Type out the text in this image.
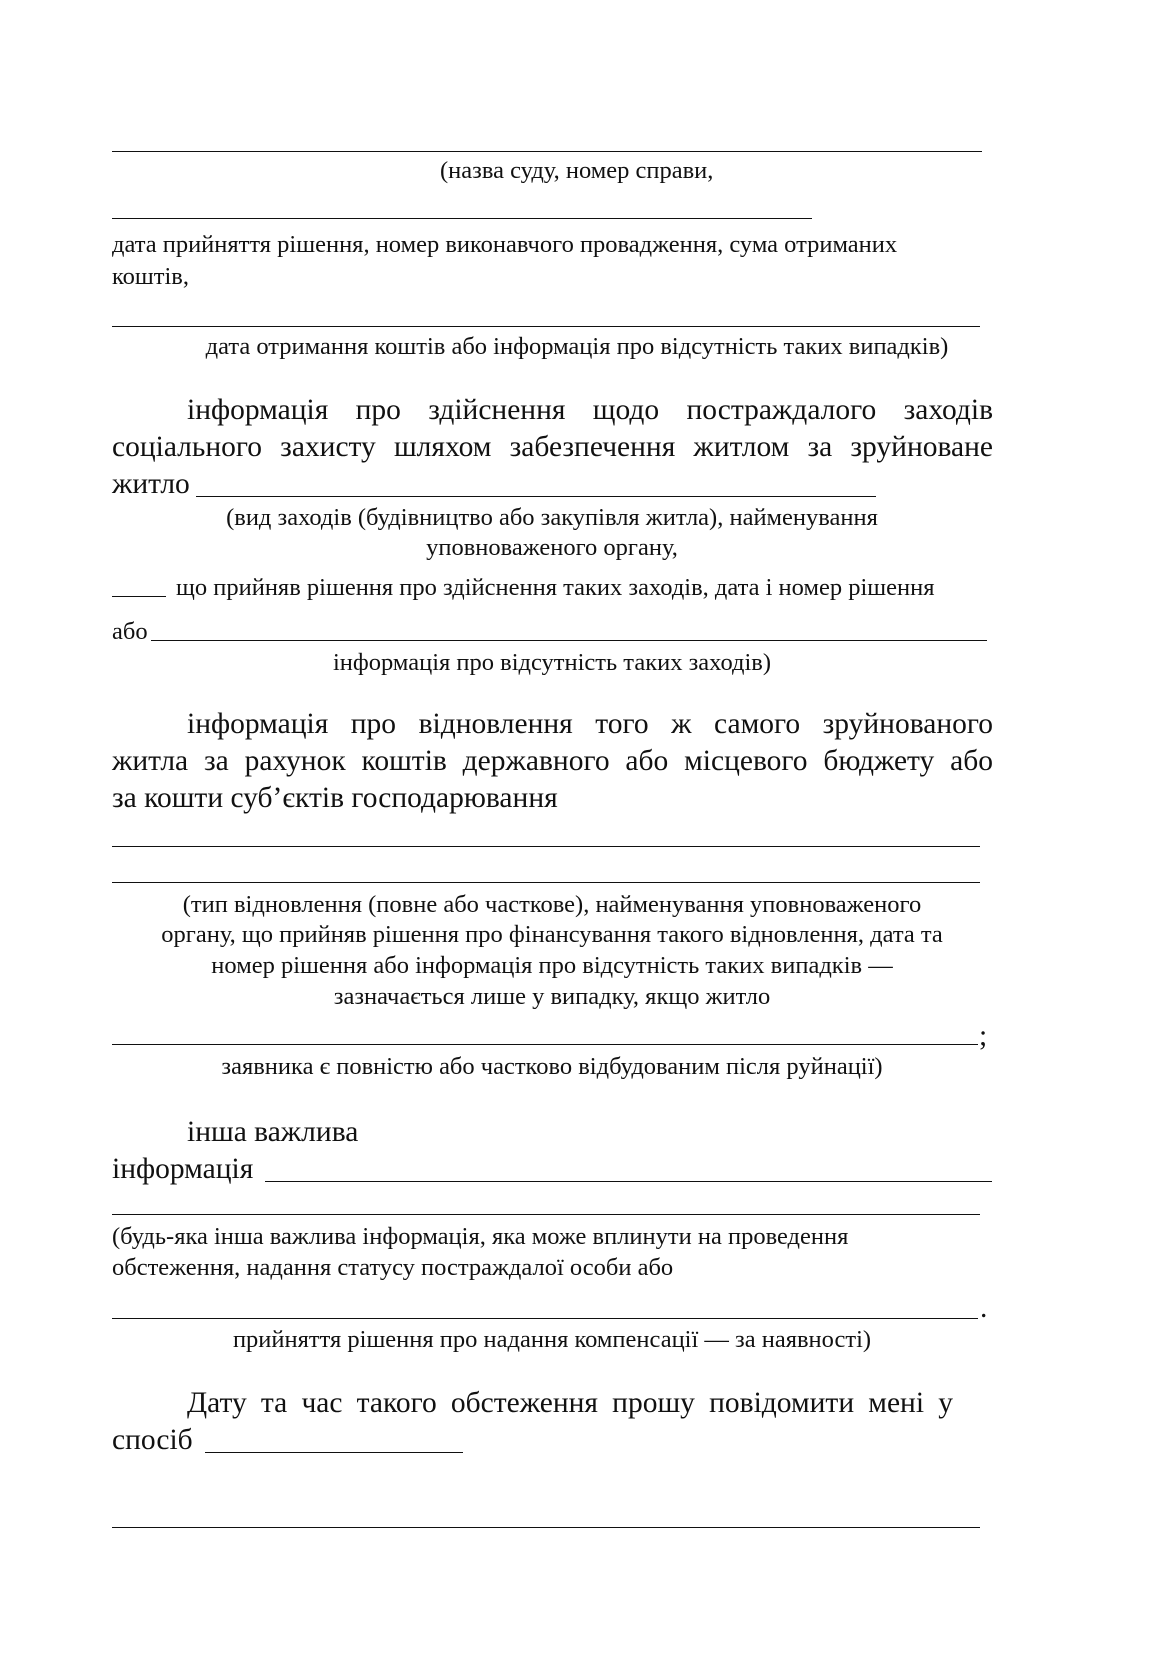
(назва суду, номер справи,
дата прийняття рішення, номер виконавчого провадження, сума отриманих
коштів,
дата отримання коштів або інформація про відсутність таких випадків)
інформація про здійснення щодо постраждалого заходів
соціального захисту шляхом забезпечення житлом за зруйноване
житло
(вид заходів (будівництво або закупівля житла), найменування
уповноваженого органу,
що прийняв рішення про здійснення таких заходів, дата і номер рішення
або
інформація про відсутність таких заходів)
інформація про відновлення того ж самого зруйнованого
житла за рахунок коштів державного або місцевого бюджету або
за кошти суб’єктів господарювання
(тип відновлення (повне або часткове), найменування уповноваженого
органу, що прийняв рішення про фінансування такого відновлення, дата та
номер рішення або інформація про відсутність таких випадків —
зазначається лише у випадку, якщо житло
;
заявника є повністю або частково відбудованим після руйнації)
інша важлива
інформація
(будь-яка інша важлива інформація, яка може вплинути на проведення
обстеження, надання статусу постраждалої особи або
.
прийняття рішення про надання компенсації — за наявності)
Дату та час такого обстеження прошу повідомити мені у
спосіб
